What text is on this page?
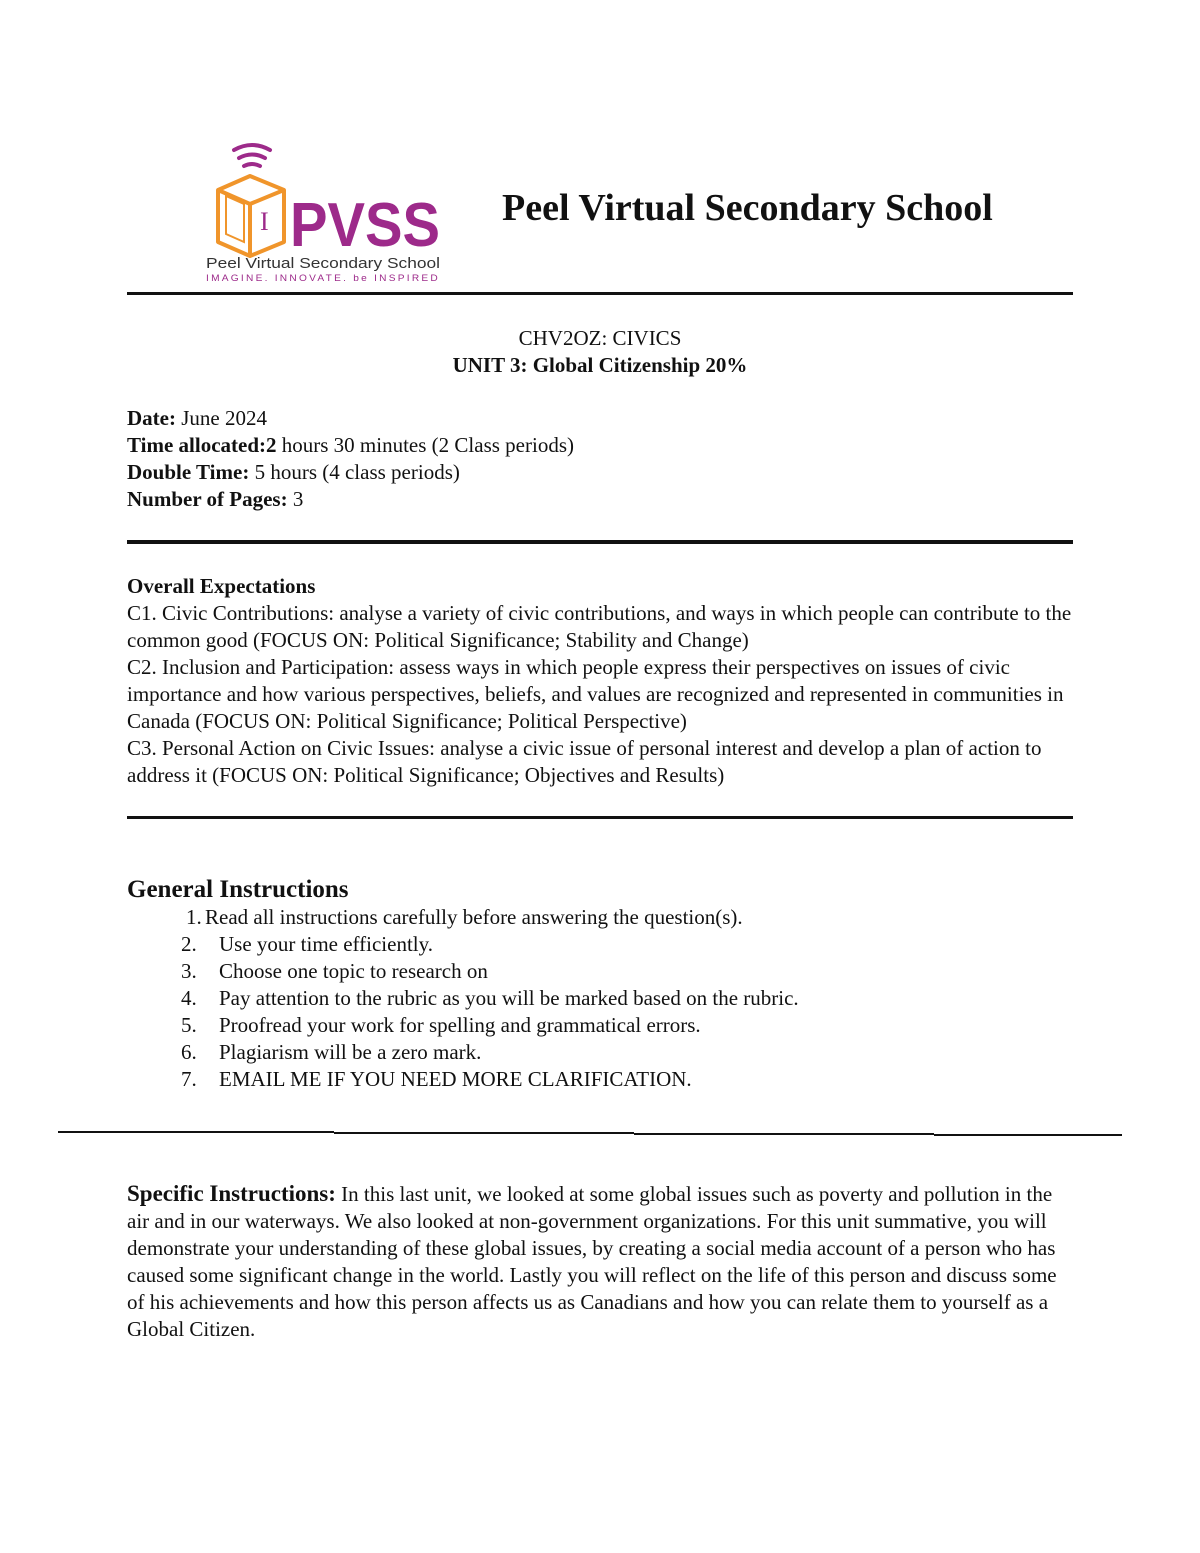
I PVSS
Peel Virtual Secondary School
IMAGINE. INNOVATE. be INSPIRED
Peel Virtual Secondary School
CHV2OZ: CIVICS
UNIT 3: Global Citizenship 20%
Date: June 2024
Time allocated:2 hours 30 minutes (2 Class periods)
Double Time: 5 hours (4 class periods)
Number of Pages: 3
Overall Expectations
C1. Civic Contributions: analyse a variety of civic contributions, and ways in which people can contribute to the common good (FOCUS ON: Political Significance; Stability and Change)
C2. Inclusion and Participation: assess ways in which people express their perspectives on issues of civic importance and how various perspectives, beliefs, and values are recognized and represented in communities in Canada (FOCUS ON: Political Significance; Political Perspective)
C3. Personal Action on Civic Issues: analyse a civic issue of personal interest and develop a plan of action to address it (FOCUS ON: Political Significance; Objectives and Results)
General Instructions
1. Read all instructions carefully before answering the question(s).
2. Use your time efficiently.
3. Choose one topic to research on
4. Pay attention to the rubric as you will be marked based on the rubric.
5. Proofread your work for spelling and grammatical errors.
6. Plagiarism will be a zero mark.
7. EMAIL ME IF YOU NEED MORE CLARIFICATION.
Specific Instructions: In this last unit, we looked at some global issues such as poverty and pollution in the air and in our waterways. We also looked at non-government organizations. For this unit summative, you will demonstrate your understanding of these global issues, by creating a social media account of a person who has caused some significant change in the world. Lastly you will reflect on the life of this person and discuss some of his achievements and how this person affects us as Canadians and how you can relate them to yourself as a Global Citizen.
